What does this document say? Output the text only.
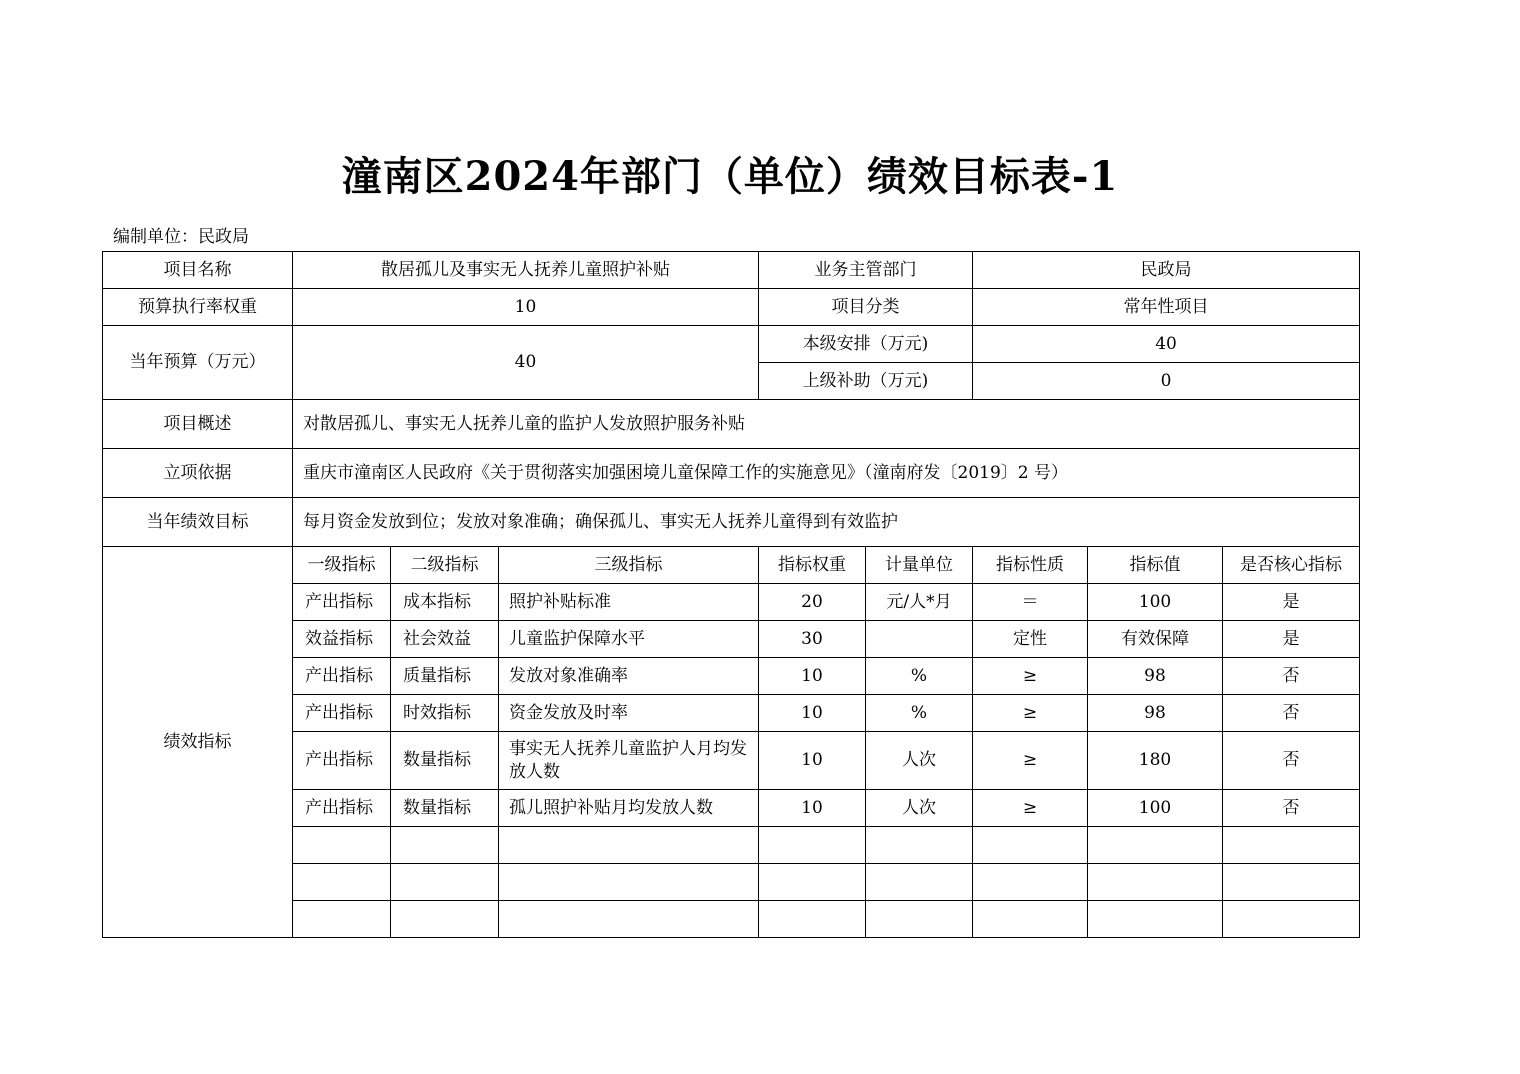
潼南区2024年部门（单位）绩效目标表-1
编制单位：民政局
项目名称	散居孤儿及事实无人抚养儿童照护补贴			业务主管部门		民政局		
预算执行率权重	10			项目分类		常年性项目		
当年预算（万元）	40			本级安排（万元)		40		
				上级补助（万元)		0		
项目概述	对散居孤儿、事实无人抚养儿童的监护人发放照护服务补贴							
立项依据	重庆市潼南区人民政府《关于贯彻落实加强困境儿童保障工作的实施意见》（潼南府发〔2019〕2 号）							
当年绩效目标	每月资金发放到位；发放对象准确；确保孤儿、事实无人抚养儿童得到有效监护							
绩效指标	一级指标	二级指标	三级指标	指标权重	计量单位	指标性质	指标值	是否核心指标
	产出指标	成本指标	照护补贴标准	20	元/人*月	＝	100	是
	效益指标	社会效益	儿童监护保障水平	30		定性	有效保障	是
	产出指标	质量指标	发放对象准确率	10	%	≥	98	否
	产出指标	时效指标	资金发放及时率	10	%	≥	98	否
	产出指标	数量指标	事实无人抚养儿童监护人月均发放人数	10	人次	≥	180	否
	产出指标	数量指标	孤儿照护补贴月均发放人数	10	人次	≥	100	否
